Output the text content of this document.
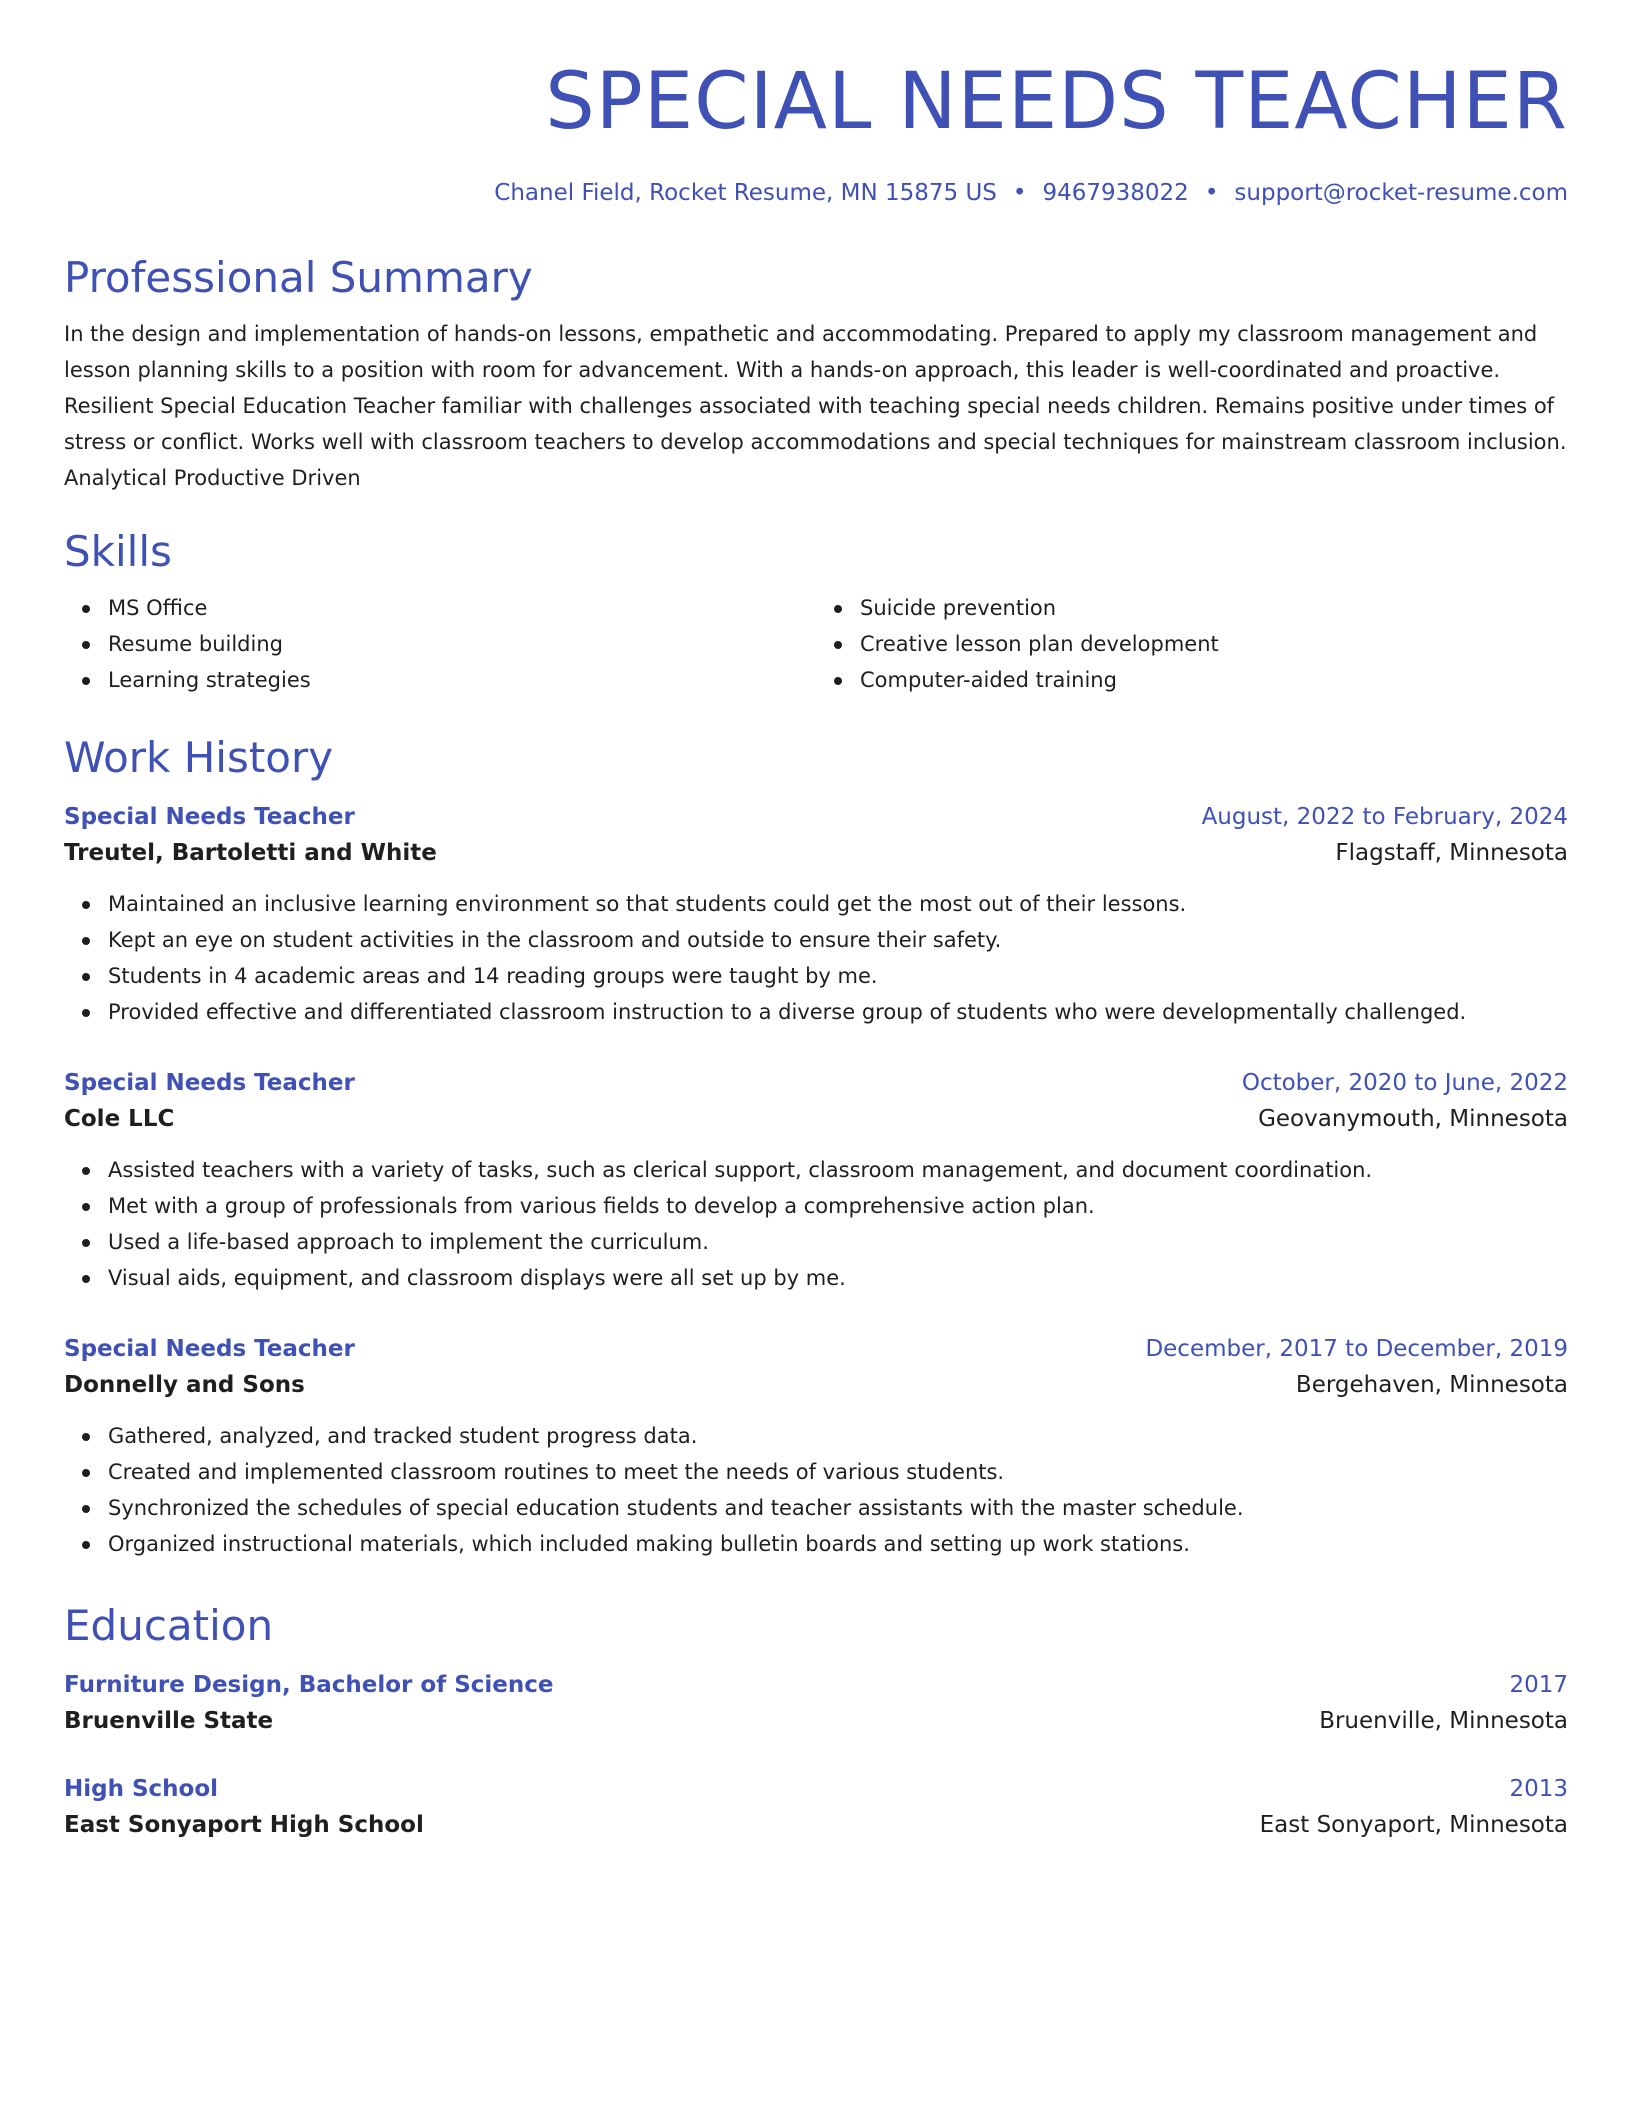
SPECIAL NEEDS TEACHER
Chanel Field, Rocket Resume, MN 15875 US • 9467938022 • support@rocket-resume.com
Professional Summary
In the design and implementation of hands-on lessons, empathetic and accommodating. Prepared to apply my classroom management and lesson planning skills to a position with room for advancement. With a hands-on approach, this leader is well-coordinated and proactive. Resilient Special Education Teacher familiar with challenges associated with teaching special needs children. Remains positive under times of stress or conflict. Works well with classroom teachers to develop accommodations and special techniques for mainstream classroom inclusion. Analytical Productive Driven
Skills
MS Office
Resume building
Learning strategies
Suicide prevention
Creative lesson plan development
Computer-aided training
Work History
Special Needs Teacher	August, 2022 to February, 2024
Treutel, Bartoletti and White	Flagstaff, Minnesota
Maintained an inclusive learning environment so that students could get the most out of their lessons.
Kept an eye on student activities in the classroom and outside to ensure their safety.
Students in 4 academic areas and 14 reading groups were taught by me.
Provided effective and differentiated classroom instruction to a diverse group of students who were developmentally challenged.
Special Needs Teacher	October, 2020 to June, 2022
Cole LLC	Geovanymouth, Minnesota
Assisted teachers with a variety of tasks, such as clerical support, classroom management, and document coordination.
Met with a group of professionals from various fields to develop a comprehensive action plan.
Used a life-based approach to implement the curriculum.
Visual aids, equipment, and classroom displays were all set up by me.
Special Needs Teacher	December, 2017 to December, 2019
Donnelly and Sons	Bergehaven, Minnesota
Gathered, analyzed, and tracked student progress data.
Created and implemented classroom routines to meet the needs of various students.
Synchronized the schedules of special education students and teacher assistants with the master schedule.
Organized instructional materials, which included making bulletin boards and setting up work stations.
Education
Furniture Design, Bachelor of Science	2017
Bruenville State	Bruenville, Minnesota
High School	2013
East Sonyaport High School	East Sonyaport, Minnesota
